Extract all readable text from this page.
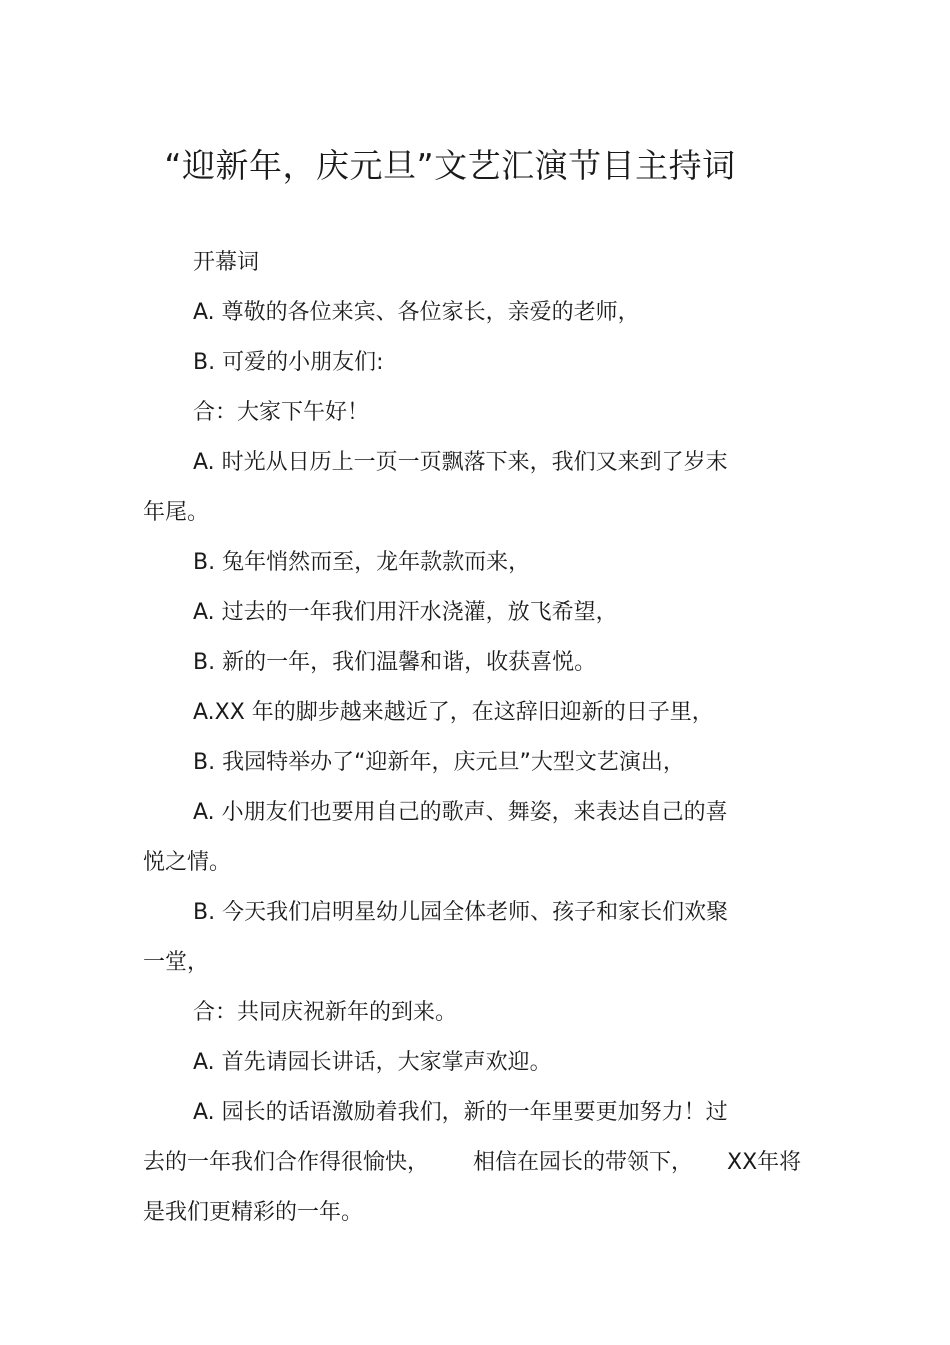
“迎新年，庆元旦”文艺汇演节目主持词

开幕词

A. 尊敬的各位来宾、各位家长，亲爱的老师，

B. 可爱的小朋友们:

合：大家下午好！

A. 时光从日历上一页一页飘落下来，我们又来到了岁末
年尾。

B. 兔年悄然而至，龙年款款而来，

A. 过去的一年我们用汗水浇灌，放飞希望，

B. 新的一年，我们温馨和谐，收获喜悦。

A.XX 年的脚步越来越近了，在这辞旧迎新的日子里，

B. 我园特举办了“迎新年，庆元旦”大型文艺演出，

A. 小朋友们也要用自己的歌声、舞姿，来表达自己的喜
悦之情。

B. 今天我们启明星幼儿园全体老师、孩子和家长们欢聚
一堂，

合：共同庆祝新年的到来。

A. 首先请园长讲话，大家掌声欢迎。

A. 园长的话语激励着我们，新的一年里要更加努力！过
去的一年我们合作得很愉快， 相信在园长的带领下， XX年将
是我们更精彩的一年。
